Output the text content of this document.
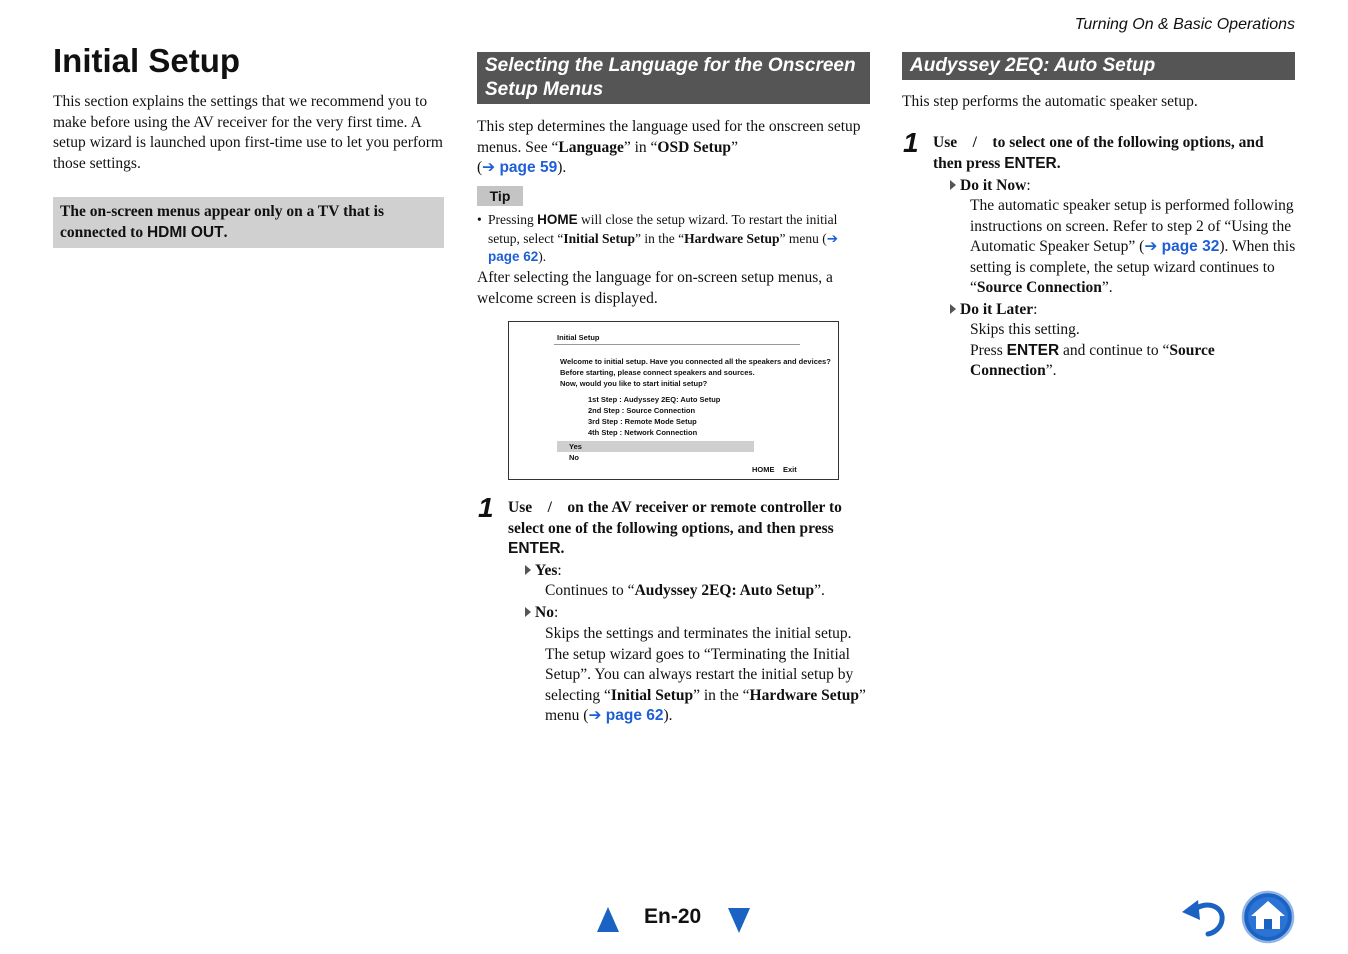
Turning On & Basic Operations
Initial Setup
This section explains the settings that we recommend you to make before using the AV receiver for the very first time. A setup wizard is launched upon first-time use to let you perform those settings.
The on-screen menus appear only on a TV that is connected to HDMI OUT.
Selecting the Language for the Onscreen Setup Menus
This step determines the language used for the onscreen setup menus. See “Language” in “OSD Setup”
(➔ page 59).
Tip
• Pressing HOME will close the setup wizard. To restart the initial setup, select “Initial Setup” in the “Hardware Setup” menu (➔ page 62).
After selecting the language for on-screen setup menus, a welcome screen is displayed.
Initial Setup
Welcome to initial setup. Have you connected all the speakers and devices?
Before starting, please connect speakers and sources.
Now, would you like to start initial setup?
1st Step : Audyssey 2EQ: Auto Setup
2nd Step : Source Connection
3rd Step : Remote Mode Setup
4th Step : Network Connection
Yes
No
HOME Exit
1 Use    /    on the AV receiver or remote controller to select one of the following options, and then press ENTER.
Yes:
Continues to “Audyssey 2EQ: Auto Setup”.
No:
Skips the settings and terminates the initial setup. The setup wizard goes to “Terminating the Initial Setup”. You can always restart the initial setup by selecting “Initial Setup” in the “Hardware Setup” menu (➔ page 62).
Audyssey 2EQ: Auto Setup
This step performs the automatic speaker setup.
1 Use    /    to select one of the following options, and then press ENTER.
Do it Now:
The automatic speaker setup is performed following instructions on screen. Refer to step 2 of “Using the Automatic Speaker Setup” (➔ page 32). When this setting is complete, the setup wizard continues to “Source Connection”.
Do it Later:
Skips this setting.
Press ENTER and continue to “Source Connection”.
En-20
